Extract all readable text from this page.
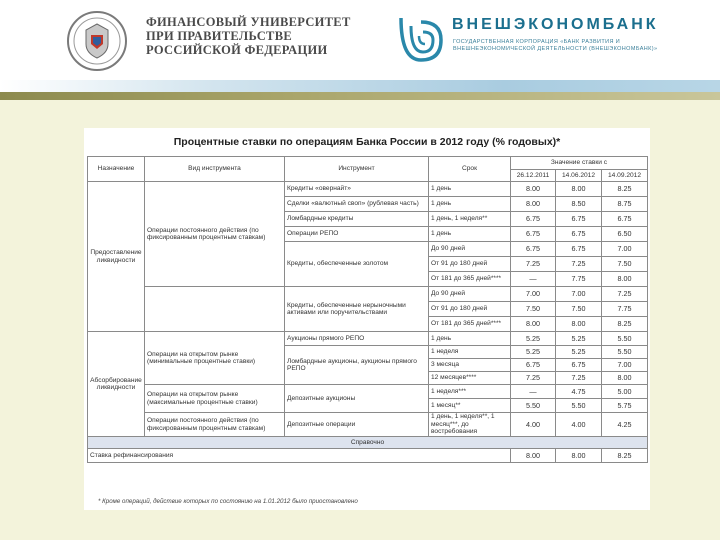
ФИНАНСОВЫЙ УНИВЕРСИТЕТ
ПРИ ПРАВИТЕЛЬСТВЕ
РОССИЙСКОЙ ФЕДЕРАЦИИ
ВНЕШЭКОНОМБАНК
ГОСУДАРСТВЕННАЯ КОРПОРАЦИЯ «БАНК РАЗВИТИЯ И
ВНЕШНЕЭКОНОМИЧЕСКОЙ ДЕЯТЕЛЬНОСТИ (ВНЕШЭКОНОМБАНК)»
Процентные ставки по операциям Банка России в 2012 году (% годовых)*
Назначение	Вид инструмента	Инструмент	Срок	Значение ставки с		
				26.12.2011	14.06.2012	14.09.2012
Предоставление ликвидности	Операции постоянного действия (по фиксированным процентным ставкам)	Кредиты «овернайт»	1 день	8.00	8.00	8.25
		Сделки «валютный своп» (рублевая часть)	1 день	8.00	8.50	8.75
		Ломбардные кредиты	1 день, 1 неделя**	6.75	6.75	6.75
		Операции РЕПО	1 день	6.75	6.75	6.50
		Кредиты, обеспеченные золотом	До 90 дней	6.75	6.75	7.00
			От 91 до 180 дней	7.25	7.25	7.50
			От 181 до 365 дней****	—	7.75	8.00
		Кредиты, обеспеченные нерыночными активами или поручительствами	До 90 дней	7.00	7.00	7.25
			От 91 до 180 дней	7.50	7.50	7.75
			От 181 до 365 дней****	8.00	8.00	8.25
Абсорбирование ликвидности	Операции на открытом рынке (минимальные процентные ставки)	Аукционы прямого РЕПО	1 день	5.25	5.25	5.50
		Ломбардные аукционы, аукционы прямого РЕПО	1 неделя	5.25	5.25	5.50
			3 месяца	6.75	6.75	7.00
			12 месяцев****	7.25	7.25	8.00
	Операции на открытом рынке (максимальные процентные ставки)	Депозитные аукционы	1 неделя***	—	4.75	5.00
			1 месяц**	5.50	5.50	5.75
	Операции постоянного действия (по фиксированным процентным ставкам)	Депозитные операции	1 день, 1 неделя**, 1 месяц***, до востребования	4.00	4.00	4.25
Справочно						
Ставка рефинансирования				8.00	8.00	8.25
* Кроме операций, действие которых по состоянию на 1.01.2012 было приостановлено
